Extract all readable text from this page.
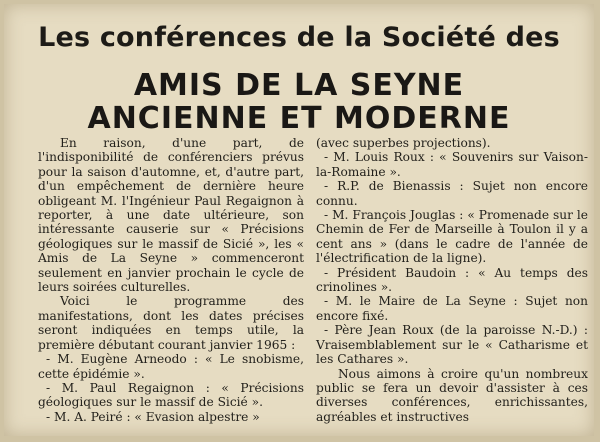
Les conférences de la Société des
AMIS DE LA SEYNE
ANCIENNE ET MODERNE

En raison, d'une part, de l'indisponibilité de conférenciers prévus pour la saison d'automne, et, d'autre part, d'un empêchement de dernière heure obligeant M. l'Ingénieur Paul Regaignon à reporter, à une date ultérieure, son intéressante causerie sur « Précisions géologiques sur le massif de Sicié », les « Amis de La Seyne » commenceront seulement en janvier prochain le cycle de leurs soirées culturelles.

Voici le programme des manifestations, dont les dates précises seront indiquées en temps utile, la première débutant courant janvier 1965 :

- M. Eugène Arneodo : « Le snobisme, cette épidémie ».

- M. Paul Regaignon : « Précisions géologiques sur le massif de Sicié ».

- M. A. Peiré : « Evasion alpestre »

(avec superbes projections).

- M. Louis Roux : « Souvenirs sur Vaison-la-Romaine ».

- R.P. de Bienassis : Sujet non encore connu.

- M. François Jouglas : « Promenade sur le Chemin de Fer de Marseille à Toulon il y a cent ans » (dans le cadre de l'année de l'électrification de la ligne).

- Président Baudoin : « Au temps des crinolines ».

- M. le Maire de La Seyne : Sujet non encore fixé.

- Père Jean Roux (de la paroisse N.-D.) : Vraisemblablement sur le « Catharisme et les Cathares ».

Nous aimons à croire qu'un nombreux public se fera un devoir d'assister à ces diverses conférences, enrichissantes, agréables et instructives
